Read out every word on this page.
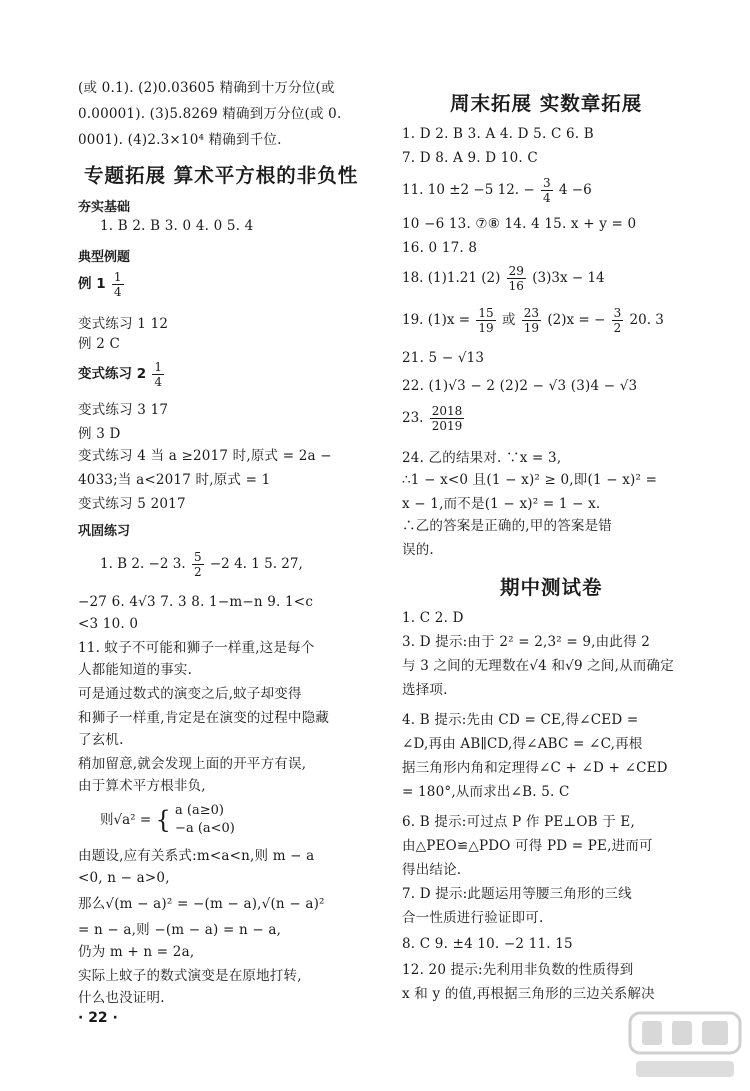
(或 0.1). (2)0.03605 精确到十万分位(或
0.00001). (3)5.8269 精确到万分位(或 0.
0001). (4)2.3×10⁴ 精确到千位.
专题拓展 算术平方根的非负性
夯实基础
1. B 2. B 3. 0 4. 0 5. 4
典型例题
例 $1 \frac{1}{4}$
变式练习 1 12
例 2 C
变式练习 $2 \frac{1}{4}$
变式练习 3 17
例 3 D
变式练习 4 当 a ≥2017 时,原式 = 2a −
4033;当 a<2017 时,原式 = 1
变式练习 5 2017
巩固练习
1. B 2. −2 3. $\frac{5}{2} -2$ 4. 1 5. 27,
−27 6. 4√3 7. 3 8. 1−m−n 9. 1<c
<3 10. 0
11. 蚊子不可能和狮子一样重,这是每个
人都能知道的事实.
可是通过数式的演变之后,蚊子却变得
和狮子一样重,肯定是在演变的过程中隐藏
了玄机.
稍加留意,就会发现上面的开平方有误,
由于算术平方根非负,
则√a² = { a (a≥0)
−a (a<0)
由题设,应有关系式:m<a<n,则 m − a
<0, n − a>0,
那么√(m − a)² = −(m − a),√(n − a)²
= n − a,则 −(m − a) = n − a,
仍为 m + n = 2a,
实际上蚊子的数式演变是在原地打转,
什么也没证明.
周末拓展 实数章拓展
1. D 2. B 3. A 4. D 5. C 6. B
7. D 8. A 9. D 10. C
11. 10 ±2 −5 12. − $\frac{3}{4} 4 -6$
10 −6 13. ⑦⑧ 14. 4 15. x + y = 0
16. 0 17. 8
18. (1)1.21 $(2) \frac{29}{16} (3)3x - 14$
19. $(1)x = \frac{15}{19}$ 或 $\frac{23}{19} (2)x$ = − $\frac{3}{2} 20$. 3
21. 5 − √13
22. (1)√3 − 2 (2)2 − √3 (3)4 − √3
23. $\frac{2018}{2019}$
24. 乙的结果对. ∵x = 3,
∴1 − x<0 且(1 − x)² ≥ 0,即(1 − x)² =
x − 1,而不是(1 − x)² = 1 − x.
∴乙的答案是正确的,甲的答案是错
误的.
期中测试卷
1. C 2. D
3. D 提示:由于 2² = 2,3² = 9,由此得 2
与 3 之间的无理数在√4 和√9 之间,从而确定
选择项.
4. B 提示:先由 CD = CE,得∠CED =
∠D,再由 AB∥CD,得∠ABC = ∠C,再根
据三角形内角和定理得∠C + ∠D + ∠CED
= 180°,从而求出∠B. 5. C
6. B 提示:可过点 P 作 PE⊥OB 于 E,
由△PEO≌△PDO 可得 PD = PE,进而可
得出结论.
7. D 提示:此题运用等腰三角形的三线
合一性质进行验证即可.
8. C 9. ±4 10. −2 11. 15
12. 20 提示:先利用非负数的性质得到
x 和 y 的值,再根据三角形的三边关系解决
· 22 ·
